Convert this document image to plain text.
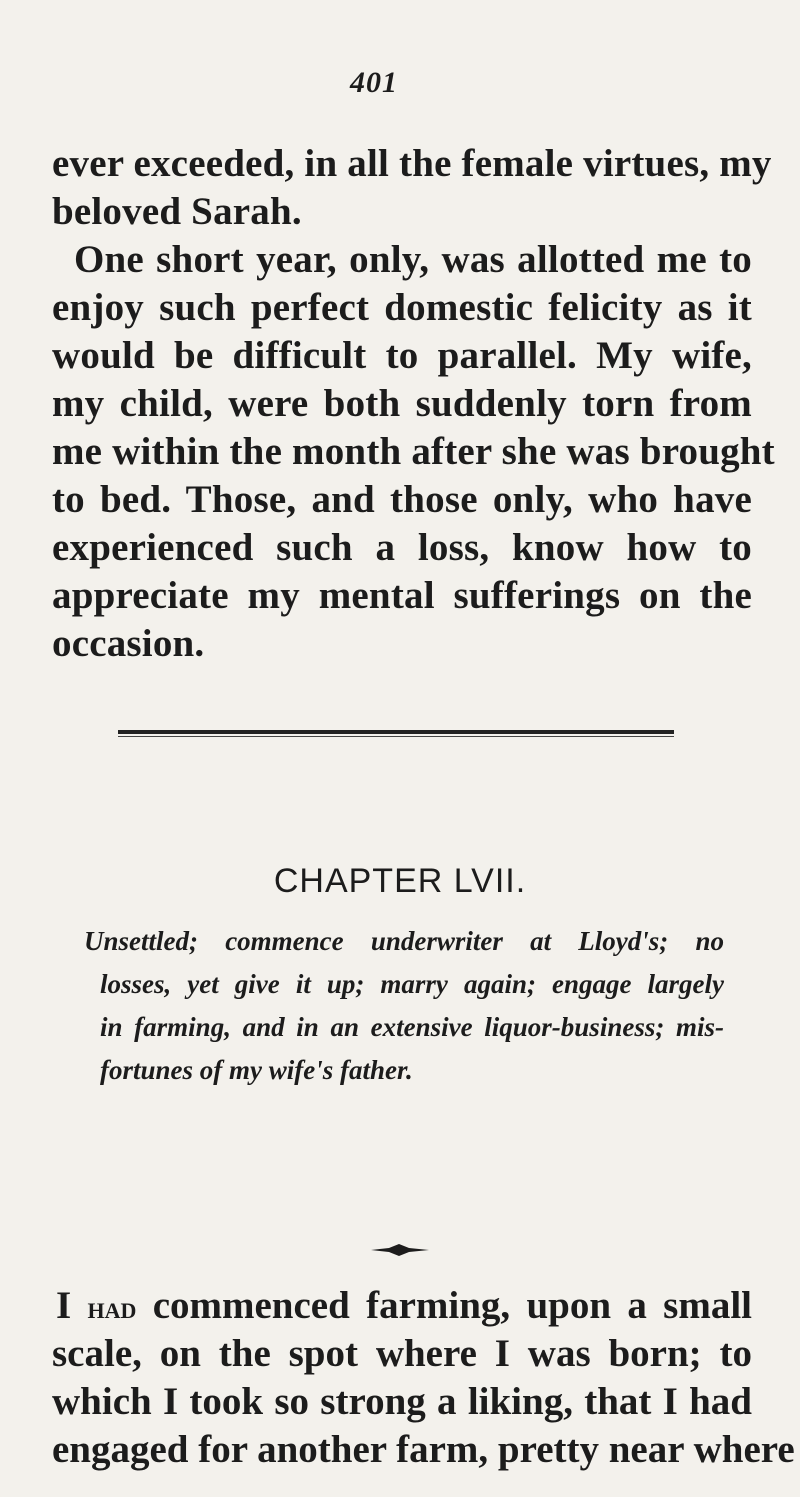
401
ever exceeded, in all the female virtues, my
beloved Sarah.
One short year, only, was allotted me to
enjoy such perfect domestic felicity as it
would be difficult to parallel. My wife,
my child, were both suddenly torn from
me within the month after she was brought
to bed. Those, and those only, who have
experienced such a loss, know how to
appreciate my mental sufferings on the
occasion.
CHAPTER LVII.
Unsettled; commence underwriter at Lloyd's; no
losses, yet give it up; marry again; engage largely
in farming, and in an extensive liquor-business; mis-
fortunes of my wife's father.
I had commenced farming, upon a small
scale, on the spot where I was born; to
which I took so strong a liking, that I had
engaged for another farm, pretty near where
